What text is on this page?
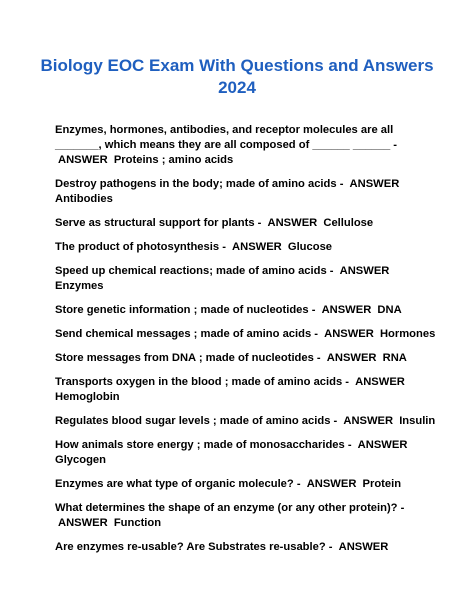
Biology EOC Exam With Questions and Answers
2024
Enzymes, hormones, antibodies, and receptor molecules are all _______, which means they are all composed of ______ ______ - ANSWER Proteins ; amino acids
Destroy pathogens in the body; made of amino acids - ANSWER Antibodies
Serve as structural support for plants - ANSWER Cellulose
The product of photosynthesis - ANSWER Glucose
Speed up chemical reactions; made of amino acids - ANSWER Enzymes
Store genetic information ; made of nucleotides - ANSWER DNA
Send chemical messages ; made of amino acids - ANSWER Hormones
Store messages from DNA ; made of nucleotides - ANSWER RNA
Transports oxygen in the blood ; made of amino acids - ANSWER Hemoglobin
Regulates blood sugar levels ; made of amino acids - ANSWER Insulin
How animals store energy ; made of monosaccharides - ANSWER Glycogen
Enzymes are what type of organic molecule? - ANSWER Protein
What determines the shape of an enzyme (or any other protein)? - ANSWER Function
Are enzymes re-usable? Are Substrates re-usable? - ANSWER
